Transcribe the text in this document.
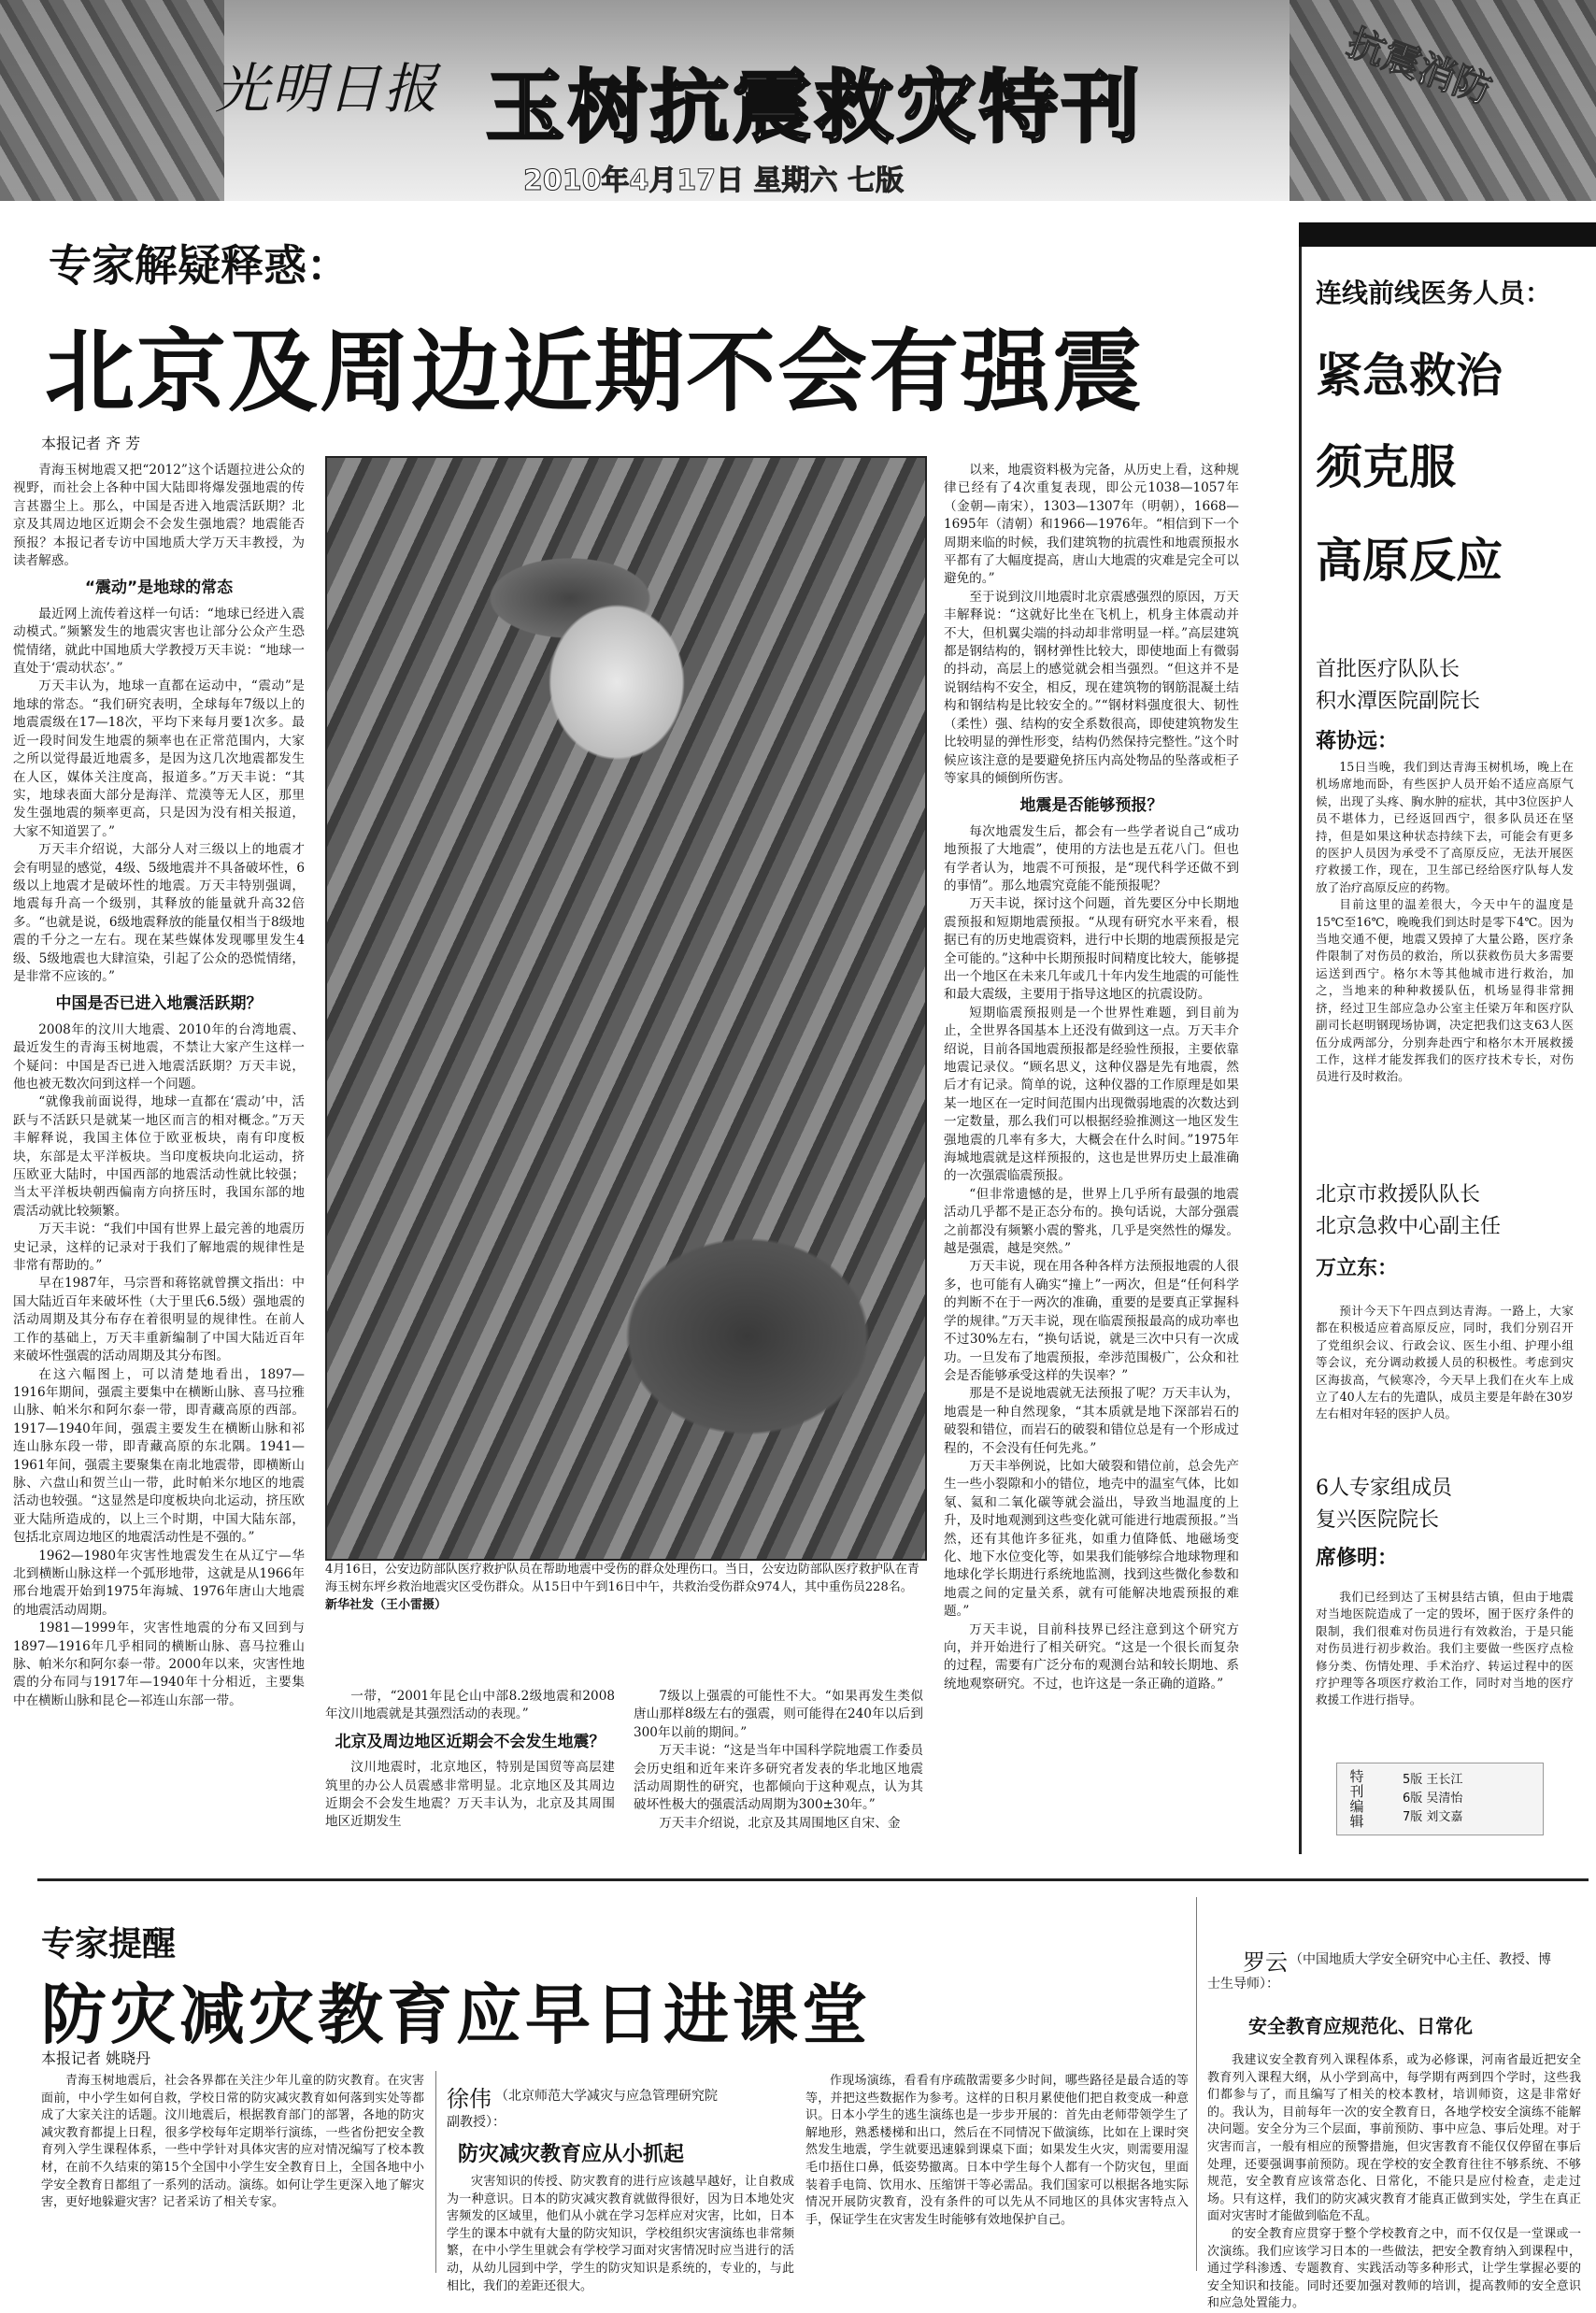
光明日报 玉树抗震救灾特刊
2010年4月17日 星期六 七版
抗震消防
专家解疑释惑：
北京及周边近期不会有强震
本报记者 齐 芳

青海玉树地震又把“2012”这个话题拉进公众的视野，而社会上各种中国大陆即将爆发强地震的传言甚嚣尘上。那么，中国是否进入地震活跃期？北京及其周边地区近期会不会发生强地震？地震能否预报？本报记者专访中国地质大学万天丰教授，为读者解惑。

“震动”是地球的常态

最近网上流传着这样一句话：“地球已经进入震动模式。”频繁发生的地震灾害也让部分公众产生恐慌情绪，就此中国地质大学教授万天丰说：“地球一直处于‘震动状态’。”

万天丰认为，地球一直都在运动中，“震动”是地球的常态。“我们研究表明，全球每年7级以上的地震震级在17—18次，平均下来每月要1次多。最近一段时间发生地震的频率也在正常范围内，大家之所以觉得最近地震多，是因为这几次地震都发生在人区，媒体关注度高，报道多。”万天丰说：“其实，地球表面大部分是海洋、荒漠等无人区，那里发生强地震的频率更高，只是因为没有相关报道，大家不知道罢了。”

万天丰介绍说，大部分人对三级以上的地震才会有明显的感觉，4级、5级地震并不具备破坏性，6级以上地震才是破坏性的地震。万天丰特别强调，地震每升高一个级别，其释放的能量就升高32倍多。“也就是说，6级地震释放的能量仅相当于8级地震的千分之一左右。现在某些媒体发现哪里发生4级、5级地震也大肆渲染，引起了公众的恐慌情绪，是非常不应该的。”

中国是否已进入地震活跃期？

2008年的汶川大地震、2010年的台湾地震、最近发生的青海玉树地震，不禁让大家产生这样一个疑问：中国是否已进入地震活跃期？万天丰说，他也被无数次问到这样一个问题。

“就像我前面说得，地球一直都在‘震动’中，活跃与不活跃只是就某一地区而言的相对概念。”万天丰解释说，我国主体位于欧亚板块，南有印度板块，东部是太平洋板块。当印度板块向北运动，挤压欧亚大陆时，中国西部的地震活动性就比较强；当太平洋板块朝西偏南方向挤压时，我国东部的地震活动就比较频繁。

万天丰说：“我们中国有世界上最完善的地震历史记录，这样的记录对于我们了解地震的规律性是非常有帮助的。”

早在1987年，马宗晋和蒋铭就曾撰文指出：中国大陆近百年来破坏性（大于里氏6.5级）强地震的活动周期及其分布存在着很明显的规律性。在前人工作的基础上，万天丰重新编制了中国大陆近百年来破坏性强震的活动周期及其分布图。

在这六幅图上，可以清楚地看出，1897—1916年期间，强震主要集中在横断山脉、喜马拉雅山脉、帕米尔和阿尔泰一带，即青藏高原的西部。1917—1940年间，强震主要发生在横断山脉和祁连山脉东段一带，即青藏高原的东北隅。1941—1961年间，强震主要聚集在南北地震带，即横断山脉、六盘山和贺兰山一带，此时帕米尔地区的地震活动也较强。“这显然是印度板块向北运动，挤压欧亚大陆所造成的，以上三个时期，中国大陆东部，包括北京周边地区的地震活动性是不强的。”

1962—1980年灾害性地震发生在从辽宁—华北到横断山脉这样一个弧形地带，这就是从1966年邢台地震开始到1975年海城、1976年唐山大地震的地震活动周期。

1981—1999年，灾害性地震的分布又回到与1897—1916年几乎相同的横断山脉、喜马拉雅山脉、帕米尔和阿尔泰一带。2000年以来，灾害性地震的分布同与1917年—1940年十分相近，主要集中在横断山脉和昆仑—祁连山东部一带。

4月16日，公安边防部队医疗救护队员在帮助地震中受伤的群众处理伤口。当日，公安边防部队医疗救护队在青海玉树东坪乡救治地震灾区受伤群众。从15日中午到16日中午，共救治受伤群众974人，其中重伤员228名。 新华社发（王小雷摄）

以来，地震资料极为完备，从历史上看，这种规律已经有了4次重复表现，即公元1038—1057年（金朝—南宋），1303—1307年（明朝），1668—1695年（清朝）和1966—1976年。“相信到下一个周期来临的时候，我们建筑物的抗震性和地震预报水平都有了大幅度提高，唐山大地震的灾难是完全可以避免的。”

至于说到汶川地震时北京震感强烈的原因，万天丰解释说：“这就好比坐在飞机上，机身主体震动并不大，但机翼尖端的抖动却非常明显一样。”高层建筑都是钢结构的，钢材弹性比较大，即使地面上有微弱的抖动，高层上的感觉就会相当强烈。“但这并不是说钢结构不安全，相反，现在建筑物的钢筋混凝土结构和钢结构是比较安全的。”“钢材料强度很大、韧性（柔性）强、结构的安全系数很高，即使建筑物发生比较明显的弹性形变，结构仍然保持完整性。”这个时候应该注意的是要避免挤压内高处物品的坠落或柜子等家具的倾倒所伤害。

地震是否能够预报？

每次地震发生后，都会有一些学者说自己“成功地预报了大地震”，使用的方法也是五花八门。但也有学者认为，地震不可预报，是“现代科学还做不到的事情”。那么地震究竟能不能预报呢？

万天丰说，探讨这个问题，首先要区分中长期地震预报和短期地震预报。“从现有研究水平来看，根据已有的历史地震资料，进行中长期的地震预报是完全可能的。”这种中长期预报时间精度比较大，能够提出一个地区在未来几年或几十年内发生地震的可能性和最大震级，主要用于指导这地区的抗震设防。

短期临震预报则是一个世界性难题，到目前为止，全世界各国基本上还没有做到这一点。万天丰介绍说，目前各国地震预报都是经验性预报，主要依靠地震记录仪。“顾名思义，这种仪器是先有地震，然后才有记录。简单的说，这种仪器的工作原理是如果某一地区在一定时间范围内出现微弱地震的次数达到一定数量，那么我们可以根据经验推测这一地区发生强地震的几率有多大，大概会在什么时间。”1975年海城地震就是这样预报的，这也是世界历史上最准确的一次强震临震预报。

“但非常遗憾的是，世界上几乎所有最强的地震活动几乎都不是正态分布的。换句话说，大部分强震之前都没有频繁小震的警兆，几乎是突然性的爆发。越是强震，越是突然。”

万天丰说，现在用各种各样方法预报地震的人很多，也可能有人确实“撞上”一两次，但是“任何科学的判断不在于一两次的准确，重要的是要真正掌握科学的规律。”万天丰说，现在临震预报最高的成功率也不过30%左右，“换句话说，就是三次中只有一次成功。一旦发布了地震预报，牵涉范围极广，公众和社会是否能够承受这样的失误率？”

那是不是说地震就无法预报了呢？万天丰认为，地震是一种自然现象，“其本质就是地下深部岩石的破裂和错位，而岩石的破裂和错位总是有一个形成过程的，不会没有任何先兆。”

万天丰举例说，比如大破裂和错位前，总会先产生一些小裂隙和小的错位，地壳中的温室气体，比如氡、氦和二氧化碳等就会溢出，导致当地温度的上升，及时地观测到这些变化就可能进行地震预报。”当然，还有其他许多征兆，如重力值降低、地磁场变化、地下水位变化等，如果我们能够综合地球物理和地球化学长期进行系统地监测，找到这些微化参数和地震之间的定量关系，就有可能解决地震预报的难题。”

万天丰说，目前科技界已经注意到这个研究方向，并开始进行了相关研究。“这是一个很长而复杂的过程，需要有广泛分布的观测台站和较长期地、系统地观察研究。不过，也许这是一条正确的道路。”

一带，“2001年昆仑山中部8.2级地震和2008年汶川地震就是其强烈活动的表现。”

北京及周边地区近期会不会发生地震？

汶川地震时，北京地区，特别是国贸等高层建筑里的办公人员震感非常明显。北京地区及其周边近期会不会发生地震？万天丰认为，北京及其周围地区近期发生

7级以上强震的可能性不大。“如果再发生类似唐山那样8级左右的强震，则可能得在240年以后到300年以前的期间。”

万天丰说：“这是当年中国科学院地震工作委员会历史组和近年来许多研究者发表的华北地区地震活动周期性的研究，也都倾向于这种观点，认为其破坏性极大的强震活动周期为300±30年。”

万天丰介绍说，北京及其周围地区自宋、金

连线前线医务人员：
紧急救治
须克服
高原反应
首批医疗队队长
积水潭医院副院长
蒋协远：

15日当晚，我们到达青海玉树机场，晚上在机场席地而卧，有些医护人员开始不适应高原气候，出现了头疼、胸水肿的症状，其中3位医护人员不堪体力，已经返回西宁，很多队员还在坚持，但是如果这种状态持续下去，可能会有更多的医护人员因为承受不了高原反应，无法开展医疗救援工作，现在，卫生部已经给医疗队每人发放了治疗高原反应的药物。

目前这里的温差很大，今天中午的温度是15℃至16℃，晚晚我们到达时是零下4℃。因为当地交通不便，地震又毁掉了大量公路，医疗条件限制了对伤员的救治，所以获救伤员大多需要运送到西宁。格尔木等其他城市进行救治，加之，当地来的种种救援队伍，机场显得非常拥挤，经过卫生部应急办公室主任梁万年和医疗队副司长赵明钢现场协调，决定把我们这支63人医伍分成两部分，分别奔赴西宁和格尔木开展救援工作，这样才能发挥我们的医疗技术专长，对伤员进行及时救治。

北京市救援队队长
北京急救中心副主任
万立东：

预计今天下午四点到达青海。一路上，大家都在积极适应着高原反应，同时，我们分别召开了党组织会议、行政会议、医生小组、护理小组等会议，充分调动救援人员的积极性。考虑到灾区海拔高，气候寒冷，今天早上我们在火车上成立了40人左右的先遣队，成员主要是年龄在30岁左右相对年轻的医护人员。

6人专家组成员
复兴医院院长
席修明：

我们已经到达了玉树县结古镇，但由于地震对当地医院造成了一定的毁坏，囿于医疗条件的限制，我们很难对伤员进行有效救治，于是只能对伤员进行初步救治。我们主要做一些医疗点检修分类、伤情处理、手术治疗、转运过程中的医疗护理等各项医疗救治工作，同时对当地的医疗救援工作进行指导。

特刊编辑
5版 王长江
6版 吴清怡
7版 刘文嘉
专家提醒
防灾减灾教育应早日进课堂
本报记者 姚晓丹

青海玉树地震后，社会各界都在关注少年儿童的防灾教育。在灾害面前，中小学生如何自救，学校日常的防灾减灾教育如何落到实处等都成了大家关注的话题。汶川地震后，根据教育部门的部署，各地的防灾减灾教育都提上日程，很多学校每年定期举行演练，一些省份把安全教育列入学生课程体系，一些中学针对具体灾害的应对情况编写了校本教材，在前不久结束的第15个全国中小学生安全教育日上，全国各地中小学安全教育日都组了一系列的活动。演练。如何让学生更深入地了解灾害，更好地躲避灾害？记者采访了相关专家。

徐伟 （北京师范大学减灾与应急管理研究院
副教授）：
防灾减灾教育应从小抓起

灾害知识的传授、防灾教育的进行应该越早越好，让自救成为一种意识。日本的防灾减灾教育就做得很好，因为日本地处灾害频发的区域里，他们从小就在学习怎样应对灾害，比如，日本学生的课本中就有大量的防灾知识，学校组织灾害演练也非常频繁，在中小学生里就会有学校学习面对灾害情况时应当进行的活动，从幼儿园到中学，学生的防灾知识是系统的，专业的，与此相比，我们的差距还很大。

作现场演练，看看有序疏散需要多少时间，哪些路径是最合适的等等，并把这些数据作为参考。这样的日积月累使他们把自救变成一种意识。日本小学生的逃生演练也是一步步开展的：首先由老师带领学生了解地形，熟悉楼梯和出口，然后在不同情况下做演练，比如在上课时突然发生地震，学生就要迅速躲到课桌下面；如果发生火灾，则需要用湿毛巾捂住口鼻，低姿势撤离。日本中学生每个人都有一个防灾包，里面装着手电筒、饮用水、压缩饼干等必需品。我们国家可以根据各地实际情况开展防灾教育，没有条件的可以先从不同地区的具体灾害特点入手，保证学生在灾害发生时能够有效地保护自己。

罗云 （中国地质大学安全研究中心主任、教授、博
士生导师）：
安全教育应规范化、日常化

我建议安全教育列入课程体系，或为必修课，河南省最近把安全教育列入课程大纲，从小学到高中，每学期有两到四个学时，这些我们都参与了，而且编写了相关的校本教材，培训师资，这是非常好的。我认为，目前每年一次的安全教育日，各地学校安全演练不能解决问题。安全分为三个层面，事前预防、事中应急、事后处理。对于灾害而言，一般有相应的预警措施，但灾害教育不能仅仅停留在事后处理，还要强调事前预防。现在学校的安全教育往往不够系统、不够规范，安全教育应该常态化、日常化，不能只是应付检查，走走过场。只有这样，我们的防灾减灾教育才能真正做到实处，学生在真正面对灾害时才能做到临危不乱。

的安全教育应贯穿于整个学校教育之中，而不仅仅是一堂课或一次演练。我们应该学习日本的一些做法，把安全教育纳入到课程中，通过学科渗透、专题教育、实践活动等多种形式，让学生掌握必要的安全知识和技能。同时还要加强对教师的培训，提高教师的安全意识和应急处置能力。
